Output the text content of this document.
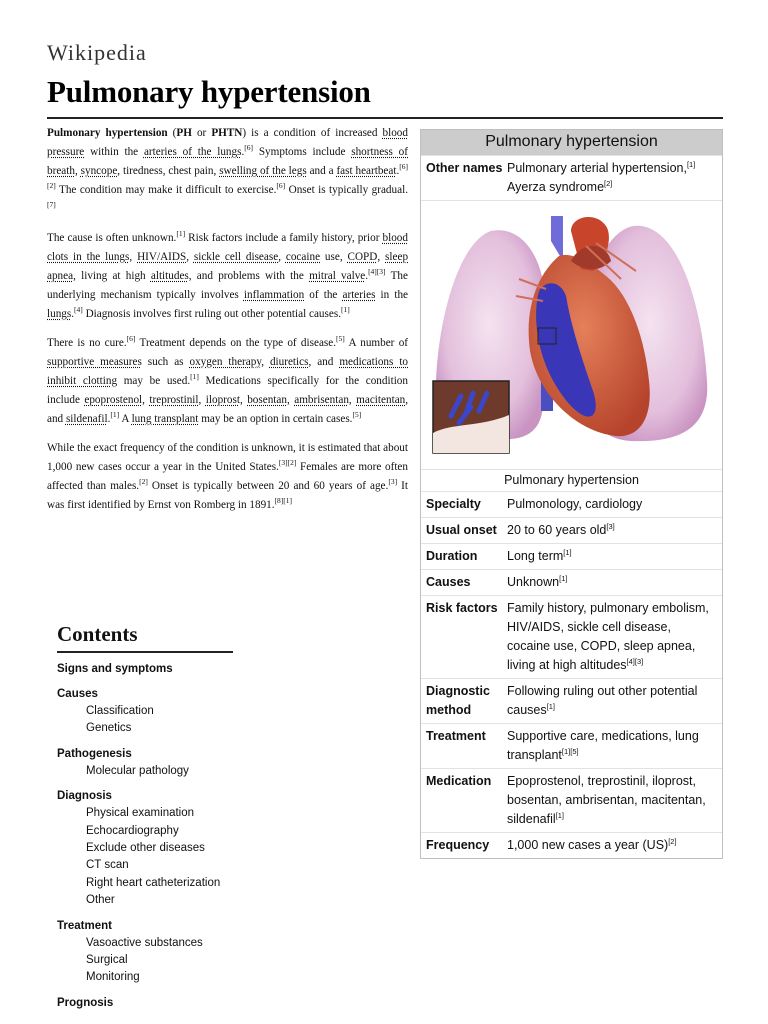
Wikipedia
Pulmonary hypertension

Pulmonary hypertension (PH or PHTN) is a condition of increased blood pressure within the arteries of the lungs.[6] Symptoms include shortness of breath, syncope, tiredness, chest pain, swelling of the legs and a fast heartbeat.[6][2] The condition may make it difficult to exercise.[6] Onset is typically gradual.[7]

The cause is often unknown.[1] Risk factors include a family history, prior blood clots in the lungs, HIV/AIDS, sickle cell disease, cocaine use, COPD, sleep apnea, living at high altitudes, and problems with the mitral valve.[4][3] The underlying mechanism typically involves inflammation of the arteries in the lungs.[4] Diagnosis involves first ruling out other potential causes.[1]

There is no cure.[6] Treatment depends on the type of disease.[5] A number of supportive measures such as oxygen therapy, diuretics, and medications to inhibit clotting may be used.[1] Medications specifically for the condition include epoprostenol, treprostinil, iloprost, bosentan, ambrisentan, macitentan, and sildenafil.[1] A lung transplant may be an option in certain cases.[5]

While the exact frequency of the condition is unknown, it is estimated that about 1,000 new cases occur a year in the United States.[3][2] Females are more often affected than males.[2] Onset is typically between 20 and 60 years of age.[3] It was first identified by Ernst von Romberg in 1891.[8][1]

Pulmonary hypertension
Other names Pulmonary arterial hypertension,[1]
Ayerza syndrome[2]
Pulmonary hypertension
Specialty	Pulmonology, cardiology
Usual onset 20 to 60 years old[3]
Duration	Long term[1]
Causes	Unknown[1]
Risk factors Family history, pulmonary embolism, HIV/AIDS, sickle cell disease, cocaine use, COPD, sleep apnea, living at high altitudes[4][3]
Diagnostic method
Following ruling out other potential causes[1]
Treatment	Supportive care, medications, lung transplant[1][5]
Medication	Epoprostenol, treprostinil, iloprost, bosentan, ambrisentan, macitentan, sildenafil[1]
Frequency	1,000 new cases a year (US)[2]
Contents
Signs and symptoms
Causes
Classification
Genetics
Pathogenesis
Molecular pathology
Diagnosis
Physical examination
Echocardiography
Exclude other diseases
CT scan
Right heart catheterization
Other
Treatment
Vasoactive substances
Surgical
Monitoring
Prognosis
